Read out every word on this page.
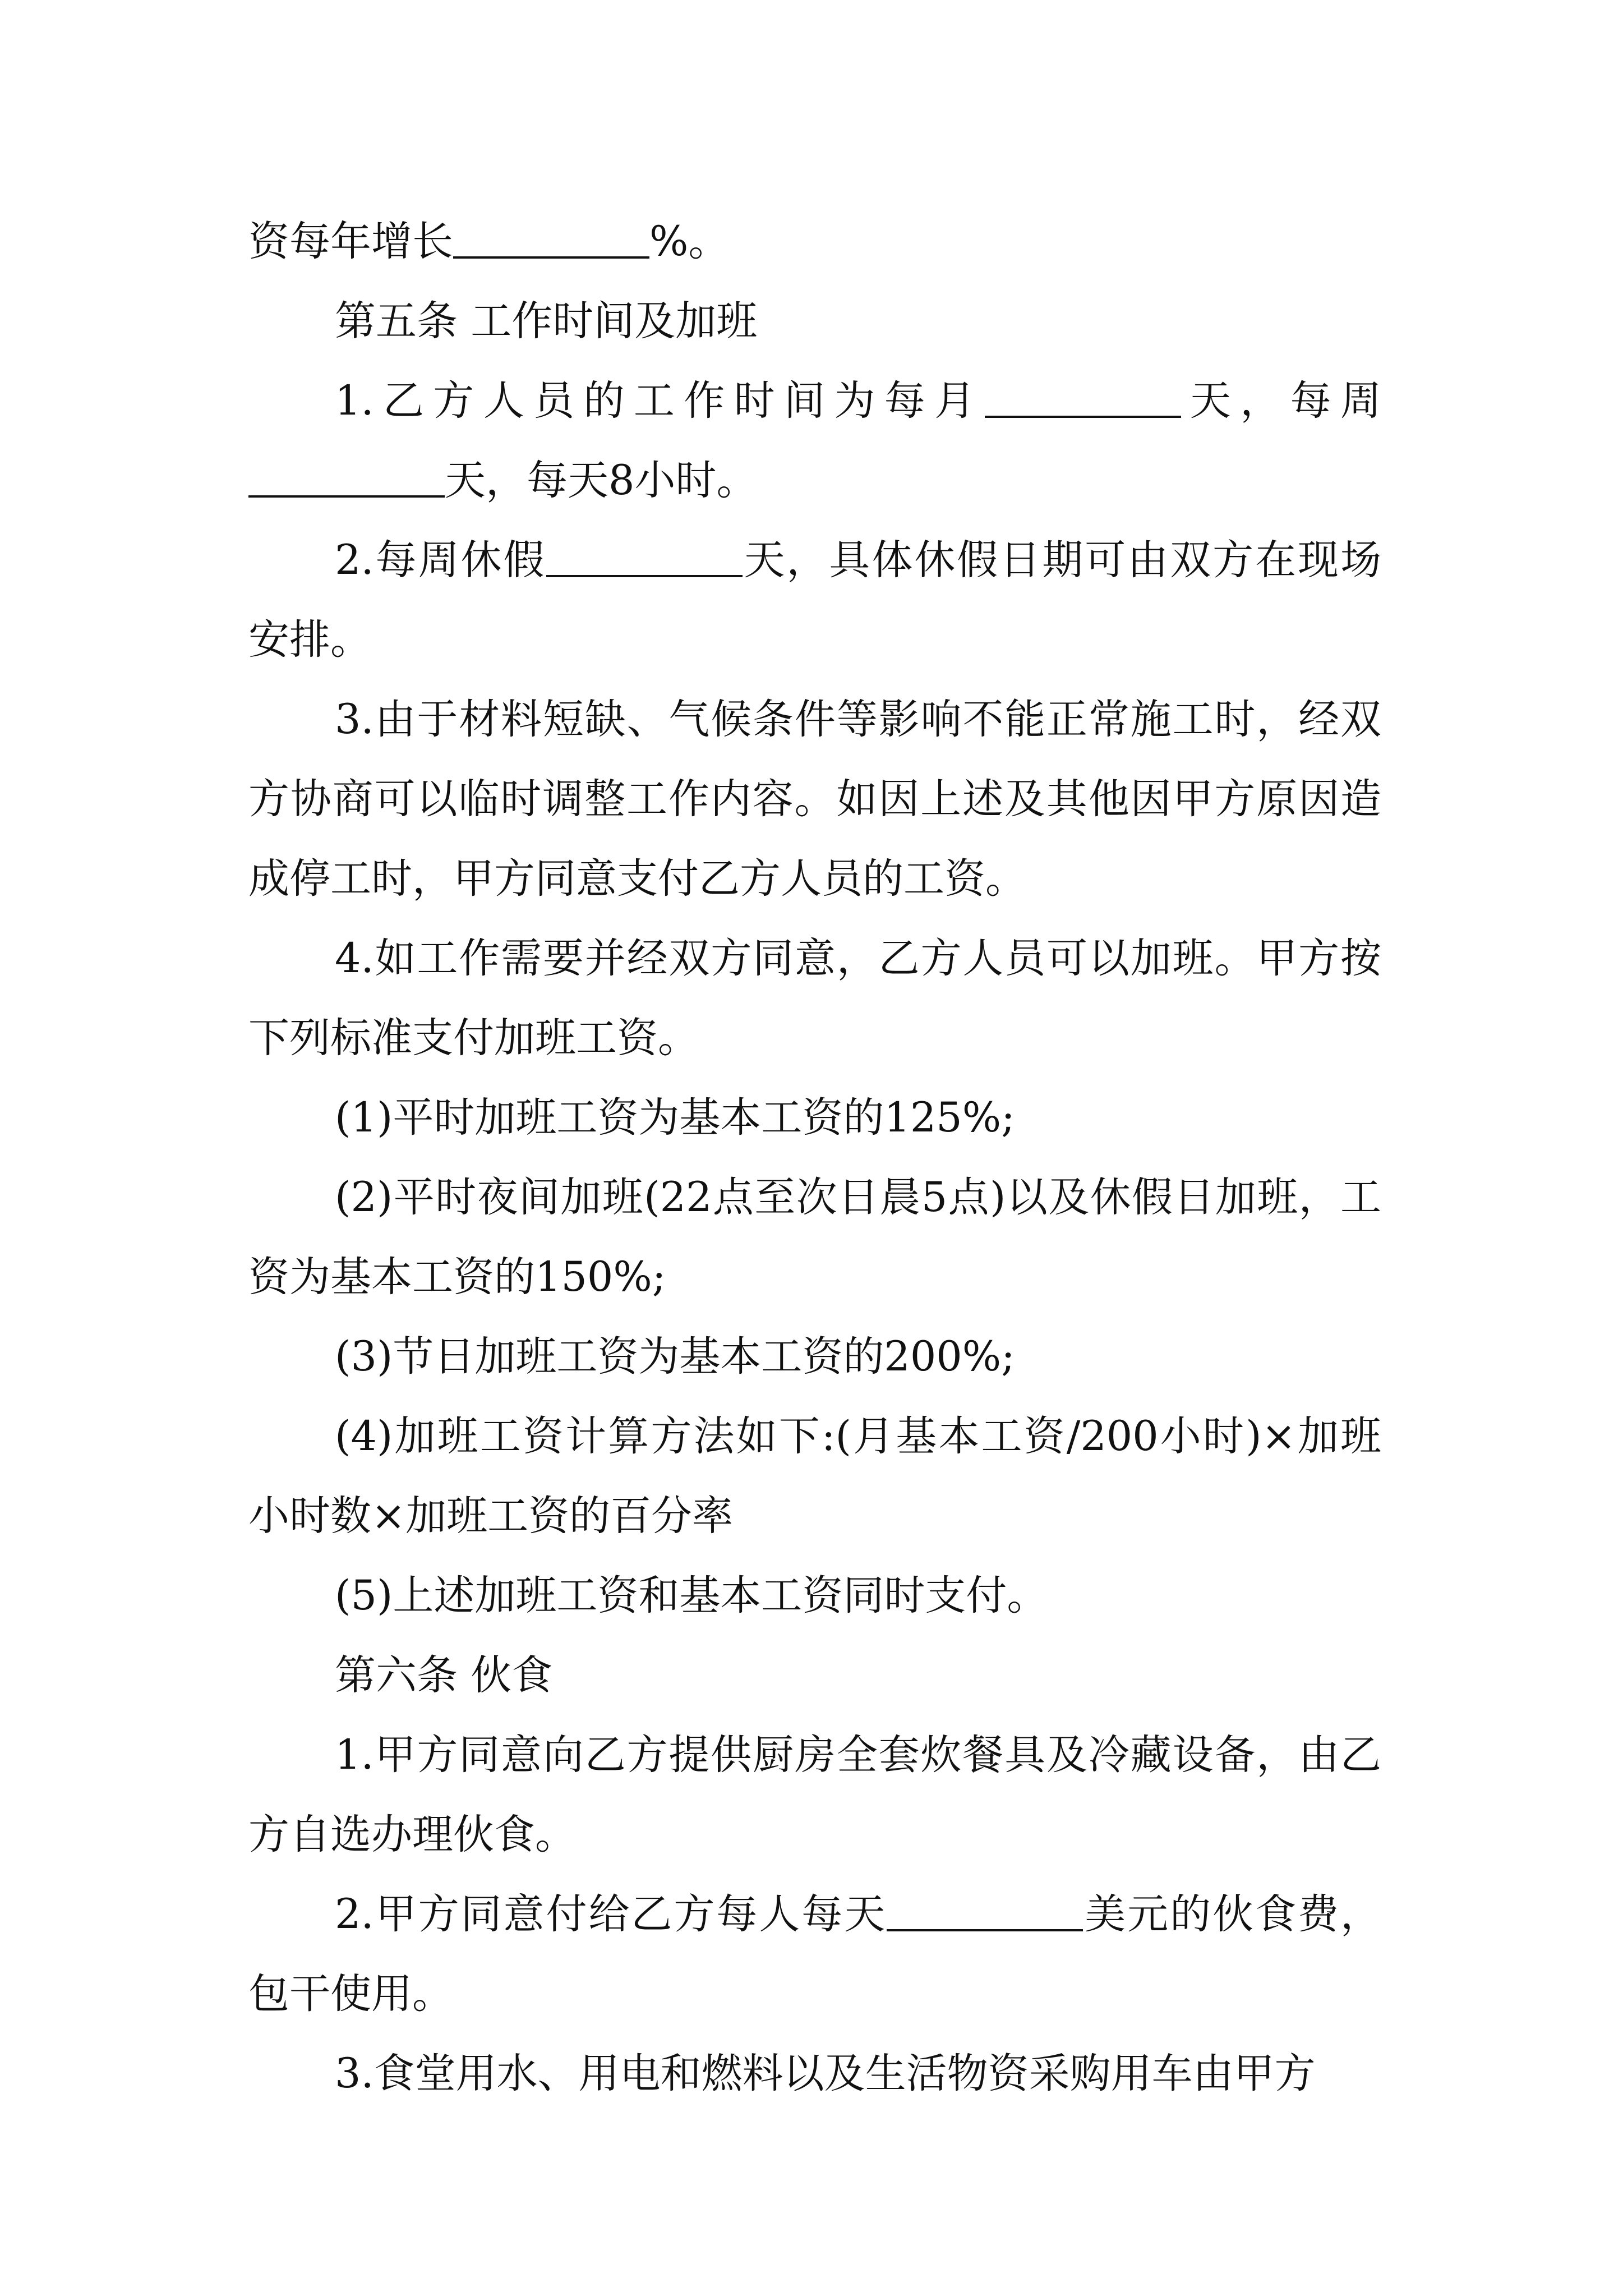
资每年增长	%。

第五条 工作时间及加班

1.乙方人员的工作时间为每月	天，每周天，每天8小时。

2.每周休假	天，具体休假日期可由双方在现场安排。

3.由于材料短缺、气候条件等影响不能正常施工时，经双方协商可以临时调整工作内容。如因上述及其他因甲方原因造成停工时，甲方同意支付乙方人员的工资。

4.如工作需要并经双方同意，乙方人员可以加班。甲方按下列标准支付加班工资。

(1)平时加班工资为基本工资的125%;

(2)平时夜间加班(22点至次日晨5点)以及休假日加班，工资为基本工资的150%;

(3)节日加班工资为基本工资的200%;

(4)加班工资计算方法如下:(月基本工资/200小时)×加班小时数×加班工资的百分率

(5)上述加班工资和基本工资同时支付。

第六条 伙食

1.甲方同意向乙方提供厨房全套炊餐具及冷藏设备，由乙方自选办理伙食。

2.甲方同意付给乙方每人每天	美元的伙食费，包干使用。

3.食堂用水、用电和燃料以及生活物资采购用车由甲方
